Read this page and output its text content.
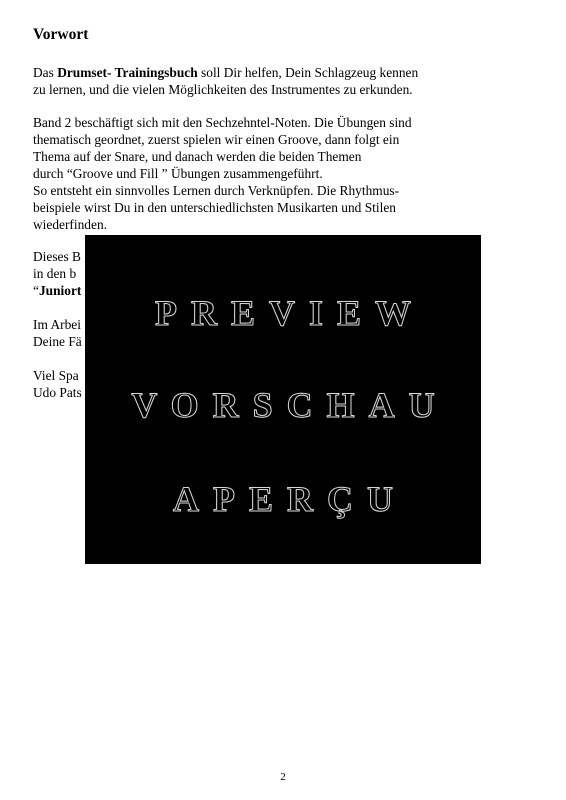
Vorwort
Das Drumset- Trainingsbuch soll Dir helfen, Dein Schlagzeug kennen
zu lernen, und die vielen Möglichkeiten des Instrumentes zu erkunden.
Band 2 beschäftigt sich mit den Sechzehntel-Noten. Die Übungen sind
thematisch geordnet, zuerst spielen wir einen Groove, dann folgt ein
Thema auf der Snare, und danach werden die beiden Themen
durch “Groove und Fill ” Übungen zusammengeführt.
So entsteht ein sinnvolles Lernen durch Verknüpfen. Die Rhythmus-
beispiele wirst Du in den unterschiedlichsten Musikarten und Stilen
wiederfinden.
Dieses B
in den b
“Juniort
Im Arbei
Deine Fä
Viel Spa
Udo Pats
PREVIEW
VORSCHAU
APERÇU
2
